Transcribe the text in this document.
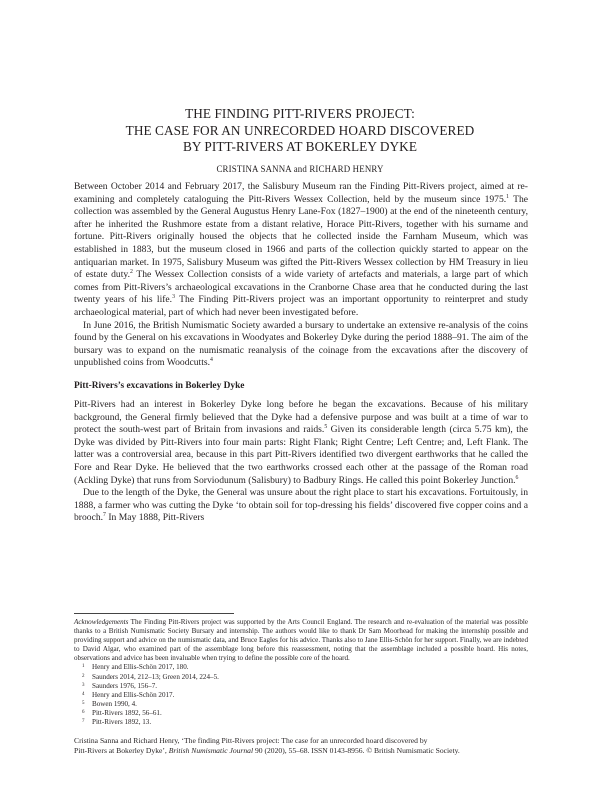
THE FINDING PITT-RIVERS PROJECT:
THE CASE FOR AN UNRECORDED HOARD DISCOVERED
BY PITT-RIVERS AT BOKERLEY DYKE
CRISTINA SANNA and RICHARD HENRY

Between October 2014 and February 2017, the Salisbury Museum ran the Finding Pitt-Rivers project, aimed at re-examining and completely cataloguing the Pitt-Rivers Wessex Collection, held by the museum since 1975.$^1$ The collection was assembled by the General Augustus Henry Lane-Fox (1827–1900) at the end of the nineteenth century, after he inherited the Rushmore estate from a distant relative, Horace Pitt-Rivers, together with his surname and fortune. Pitt-Rivers originally housed the objects that he collected inside the Farnham Museum, which was established in 1883, but the museum closed in 1966 and parts of the collection quickly started to appear on the antiquarian market. In 1975, Salisbury Museum was gifted the Pitt-Rivers Wessex collection by HM Treasury in lieu of estate duty.$^2$ The Wessex Collection consists of a wide variety of artefacts and materials, a large part of which comes from Pitt-Rivers’s archaeological excavations in the Cranborne Chase area that he conducted during the last twenty years of his life.$^3$ The Finding Pitt-Rivers project was an important opportunity to reinterpret and study archaeological material, part of which had never been investigated before.

In June 2016, the British Numismatic Society awarded a bursary to undertake an extensive re-analysis of the coins found by the General on his excavations in Woodyates and Bokerley Dyke during the period 1888–91. The aim of the bursary was to expand on the numismatic reanalysis of the coinage from the excavations after the discovery of unpublished coins from Woodcutts.$^4$

Pitt-Rivers’s excavations in Bokerley Dyke

Pitt-Rivers had an interest in Bokerley Dyke long before he began the excavations. Because of his military background, the General firmly believed that the Dyke had a defensive purpose and was built at a time of war to protect the south-west part of Britain from invasions and raids.$^5$ Given its considerable length (circa 5.75 km), the Dyke was divided by Pitt-Rivers into four main parts: Right Flank; Right Centre; Left Centre; and, Left Flank. The latter was a controversial area, because in this part Pitt-Rivers identified two divergent earthworks that he called the Fore and Rear Dyke. He believed that the two earthworks crossed each other at the passage of the Roman road (Ackling Dyke) that runs from Sorviodunum (Salisbury) to Badbury Rings. He called this point Bokerley Junction.$^6$

Due to the length of the Dyke, the General was unsure about the right place to start his excavations. Fortuitously, in 1888, a farmer who was cutting the Dyke ‘to obtain soil for top-dressing his fields’ discovered five copper coins and a brooch.$^7$ In May 1888, Pitt-Rivers

Acknowledgements The Finding Pitt-Rivers project was supported by the Arts Council England. The research and re-evaluation of the material was possible thanks to a British Numismatic Society Bursary and internship. The authors would like to thank Dr Sam Moorhead for making the internship possible and providing support and advice on the numismatic data, and Bruce Eagles for his advice. Thanks also to Jane Ellis-Schön for her support. Finally, we are indebted to David Algar, who examined part of the assemblage long before this reassessment, noting that the assemblage included a possible hoard. His notes, observations and advice has been invaluable when trying to define the possible core of the hoard.

1 Henry and Ellis-Schön 2017, 180.
2 Saunders 2014, 212–13; Green 2014, 224–5.
3 Saunders 1976, 156–7.
4 Henry and Ellis-Schön 2017.
5 Bowen 1990, 4.
6 Pitt-Rivers 1892, 56–61.
7 Pitt-Rivers 1892, 13.
Cristina Sanna and Richard Henry, ‘The finding Pitt-Rivers project: The case for an unrecorded hoard discovered by
Pitt-Rivers at Bokerley Dyke’, British Numismatic Journal 90 (2020), 55–68. ISSN 0143-8956. © British Numismatic Society.
